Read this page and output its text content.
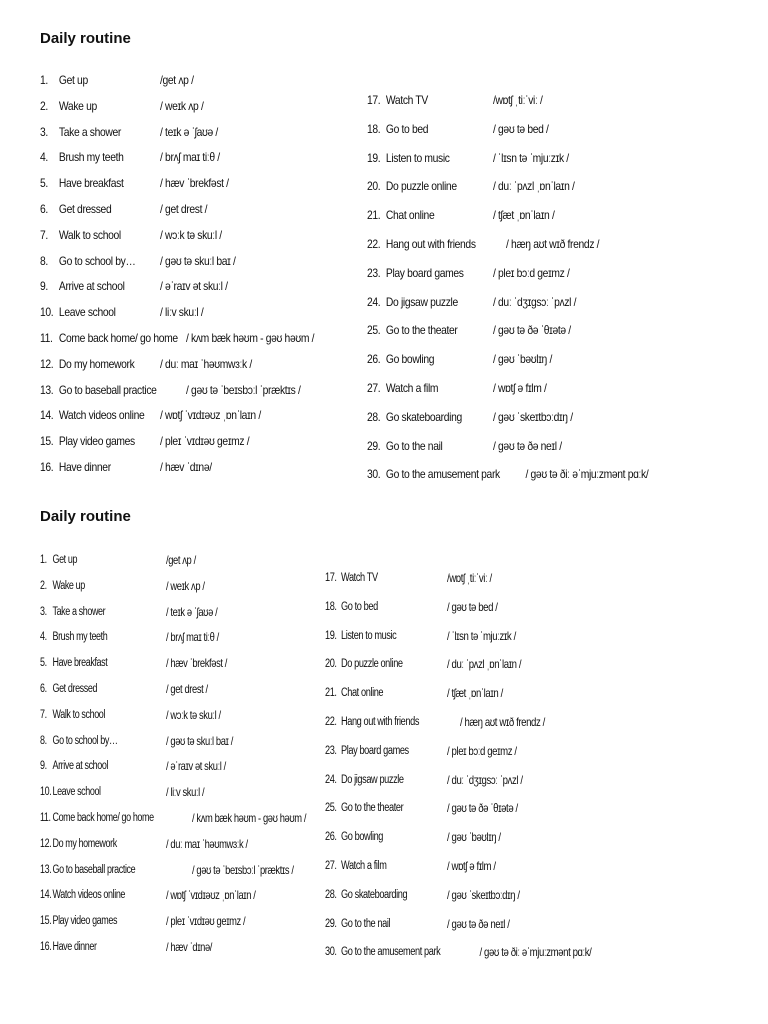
Daily routine
1. Get up	/get ʌp /
2. Wake up	/ weɪk ʌp /
3. Take a shower	/ teɪk ə ˈʃaʊə /
4. Brush my teeth	/ brʌʃ maɪ tiːθ /
5. Have breakfast	/ hæv ˈbrekfəst /
6. Get dressed	/ get drest /
7. Walk to school	/ wɔːk tə skuːl /
8. Go to school by… / gəʊ tə skuːl baɪ /
9. Arrive at school	/ əˈraɪv ət skuːl /
10. Leave school	/ liːv skuːl /
11. Come back home/ go home / kʌm bæk həʊm - gəʊ həʊm /
12. Do my homework / duː maɪ ˈhəʊmwɜːk /
13. Go to baseball practice / gəʊ tə ˈbeɪsbɔːl ˈpræktɪs /
14. Watch videos online / wɒtʃ ˈvɪdɪəʊz ˌɒnˈlaɪn /
15. Play video games / pleɪ ˈvɪdɪəʊ geɪmz /
16. Have dinner	/ hæv ˈdɪnə/
17. Watch TV	/wɒtʃ ˌtiːˈviː /
18. Go to bed	/ gəʊ tə bed /
19. Listen to music	/ ˈlɪsn tə ˈmjuːzɪk /
20. Do puzzle online	/ duː ˈpʌzl ˌɒnˈlaɪn /
21. Chat online	/ tʃæt ˌɒnˈlaɪn /
22. Hang out with friends	/ hæŋ aʊt wɪð frendz /
23. Play board games / pleɪ bɔːd geɪmz /
24. Do jigsaw puzzle	/ duː ˈdʒɪgsɔː ˈpʌzl /
25. Go to the theater	/ gəʊ tə ðə ˈθɪətə /
26. Go bowling	/ gəʊ ˈbəʊlɪŋ /
27. Watch a film	/ wɒtʃ ə fɪlm /
28. Go skateboarding	/ gəʊ ˈskeɪtbɔːdɪŋ /
29. Go to the nail	/ gəʊ tə ðə neɪl /
30. Go to the amusement park / gəʊ tə ðiː əˈmjuːzmənt pɑːk/
Daily routine
1. Get up	/get ʌp /
2. Wake up	/ weɪk ʌp /
3. Take a shower	/ teɪk ə ˈʃaʊə /
4. Brush my teeth	/ brʌʃ maɪ tiːθ /
5. Have breakfast	/ hæv ˈbrekfəst /
6. Get dressed	/ get drest /
7. Walk to school	/ wɔːk tə skuːl /
8. Go to school by…	/ gəʊ tə skuːl baɪ /
9. Arrive at school	/ əˈraɪv ət skuːl /
10.Leave school	/ liːv skuːl /
11. Come back home/ go home	/ kʌm bæk həʊm - gəʊ həʊm /
12.Do my homework	/ duː maɪ ˈhəʊmwɜːk /
13.Go to baseball practice	/ gəʊ tə ˈbeɪsbɔːl ˈpræktɪs /
14.Watch videos online	/ wɒtʃ ˈvɪdɪəʊz ˌɒnˈlaɪn /
15.Play video games	/ pleɪ ˈvɪdɪəʊ geɪmz /
16.Have dinner	/ hæv ˈdɪnə/
17. Watch TV	/wɒtʃ ˌtiːˈviː /
18. Go to bed	/ gəʊ tə bed /
19. Listen to music	/ ˈlɪsn tə ˈmjuːzɪk /
20. Do puzzle online	/ duː ˈpʌzl ˌɒnˈlaɪn /
21. Chat online	/ tʃæt ˌɒnˈlaɪn /
22. Hang out with friends	/ hæŋ aʊt wɪð frendz /
23. Play board games	/ pleɪ bɔːd geɪmz /
24. Do jigsaw puzzle	/ duː ˈdʒɪgsɔː ˈpʌzl /
25. Go to the theater	/ gəʊ tə ðə ˈθɪətə /
26. Go bowling	/ gəʊ ˈbəʊlɪŋ /
27. Watch a film	/ wɒtʃ ə fɪlm /
28. Go skateboarding	/ gəʊ ˈskeɪtbɔːdɪŋ /
29. Go to the nail	/ gəʊ tə ðə neɪl /
30. Go to the amusement park	/ gəʊ tə ðiː əˈmjuːzmənt pɑːk/
